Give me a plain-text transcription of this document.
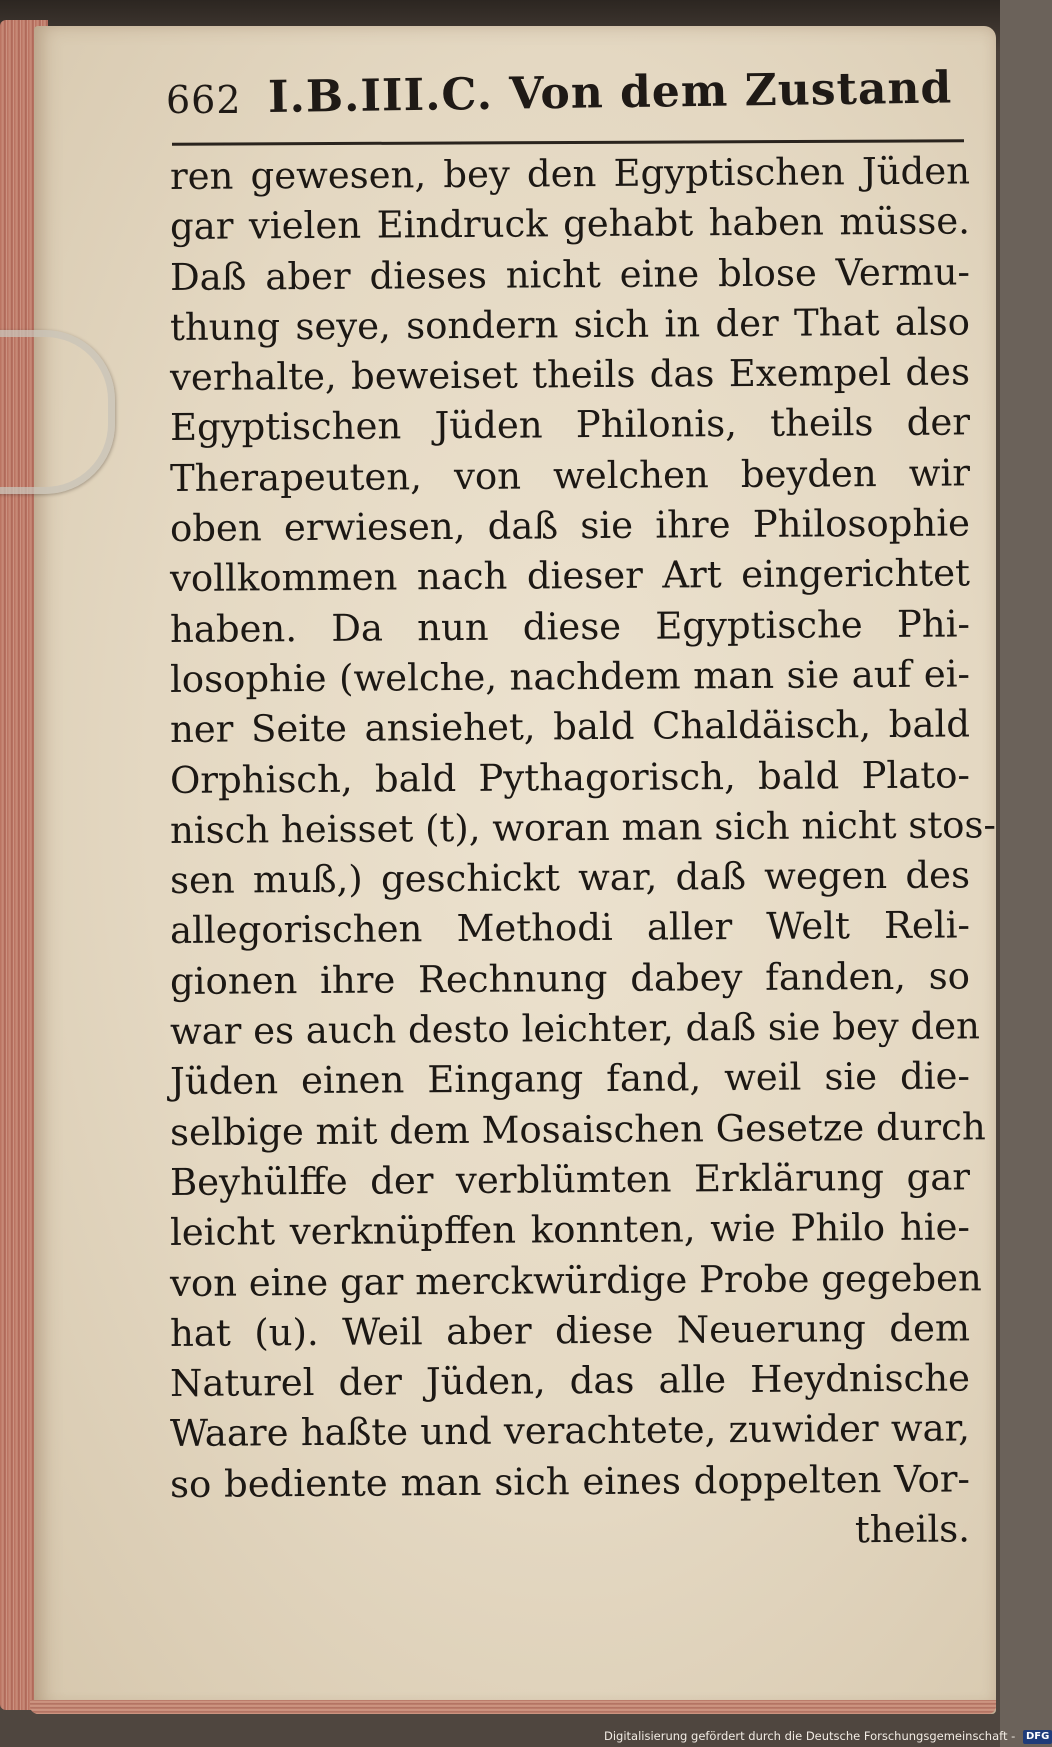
662 I.B.III.C. Von dem Zustand
ren gewesen, bey den Egyptischen Jüden
gar vielen Eindruck gehabt haben müsse.
Daß aber dieses nicht eine blose Vermu-
thung seye, sondern sich in der That also
verhalte, beweiset theils das Exempel des
Egyptischen Jüden Philonis, theils der
Therapeuten, von welchen beyden wir
oben erwiesen, daß sie ihre Philosophie
vollkommen nach dieser Art eingerichtet
haben. Da nun diese Egyptische Phi-
losophie (welche, nachdem man sie auf ei-
ner Seite ansiehet, bald Chaldäisch, bald
Orphisch, bald Pythagorisch, bald Plato-
nisch heisset (t), woran man sich nicht stos-
sen muß,) geschickt war, daß wegen des
allegorischen Methodi aller Welt Reli-
gionen ihre Rechnung dabey fanden, so
war es auch desto leichter, daß sie bey den
Jüden einen Eingang fand, weil sie die-
selbige mit dem Mosaischen Gesetze durch
Beyhülffe der verblümten Erklärung gar
leicht verknüpffen konnten, wie Philo hie-
von eine gar merckwürdige Probe gegeben
hat (u). Weil aber diese Neuerung dem
Naturel der Jüden, das alle Heydnische
Waare haßte und verachtete, zuwider war,
so bediente man sich eines doppelten Vor-
theils.
Digitalisierung gefördert durch die Deutsche Forschungsgemeinschaft - DFG
